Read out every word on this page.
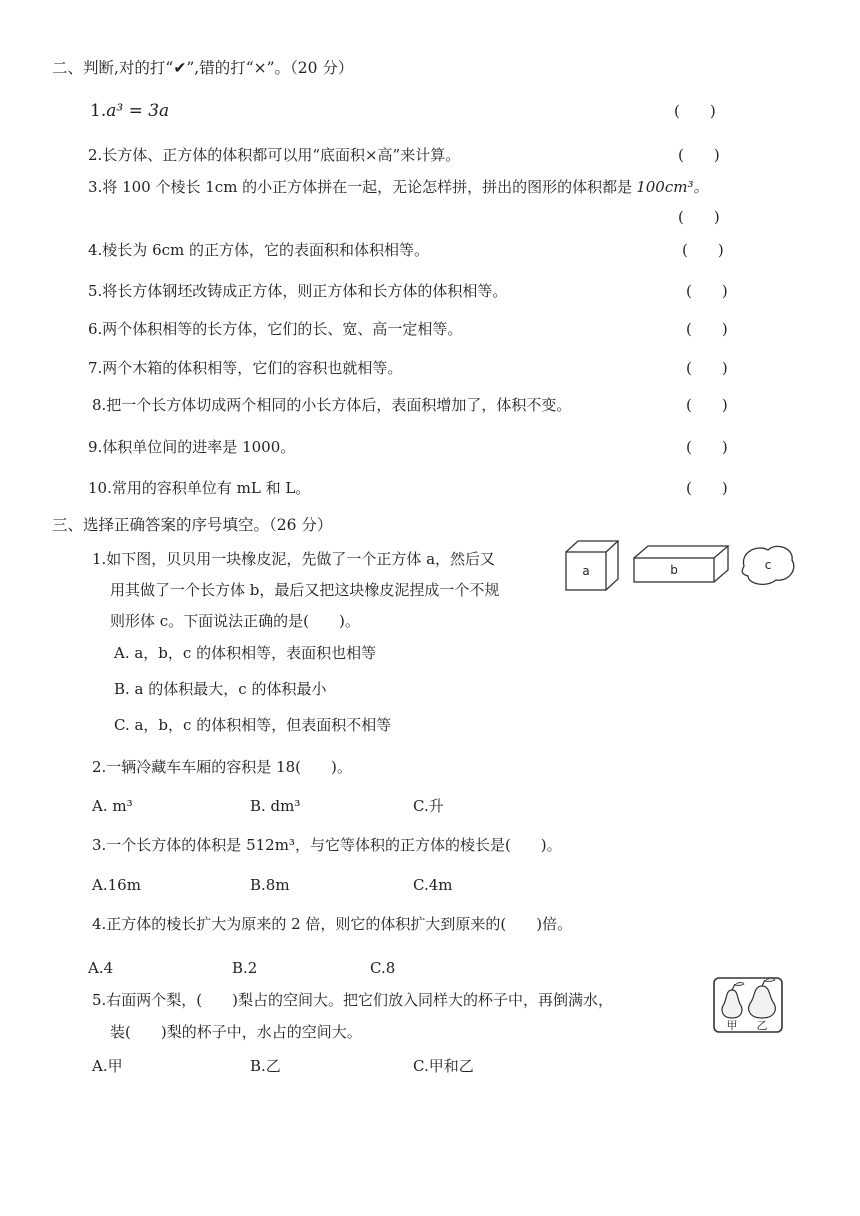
二、判断,对的打“✔”,错的打“×”。（20 分）
1.a³ = 3a	(　　)
2.长方体、正方体的体积都可以用“底面积×高”来计算。	(　　)
3.将 100 个棱长 1cm 的小正方体拼在一起，无论怎样拼，拼出的图形的体积都是 100cm³。
(　　)
4.棱长为 6cm 的正方体，它的表面积和体积相等。	(　　)
5.将长方体钢坯改铸成正方体，则正方体和长方体的体积相等。	(　　)
6.两个体积相等的长方体，它们的长、宽、高一定相等。	(　　)
7.两个木箱的体积相等，它们的容积也就相等。	(　　)
8.把一个长方体切成两个相同的小长方体后，表面积增加了，体积不变。	(　　)
9.体积单位间的进率是 1000。	(　　)
10.常用的容积单位有 mL 和 L。	(　　)
三、选择正确答案的序号填空。（26 分）
1.如下图，贝贝用一块橡皮泥，先做了一个正方体 a，然后又
用其做了一个长方体 b，最后又把这块橡皮泥捏成一个不规
则形体 c。下面说法正确的是(　　)。
a	b	c
A. a，b，c 的体积相等，表面积也相等
B. a 的体积最大，c 的体积最小
C. a，b，c 的体积相等，但表面积不相等
2.一辆冷藏车车厢的容积是 18(　　)。
A. m³	B. dm³	C.升
3.一个长方体的体积是 512m³，与它等体积的正方体的棱长是(　　)。
A.16m	B.8m	C.4m
4.正方体的棱长扩大为原来的 2 倍，则它的体积扩大到原来的(　　)倍。
A.4	B.2	C.8
5.右面两个梨，(　　)梨占的空间大。把它们放入同样大的杯子中，再倒满水，
装(　　)梨的杯子中，水占的空间大。	甲 乙
A.甲	B.乙	C.甲和乙
